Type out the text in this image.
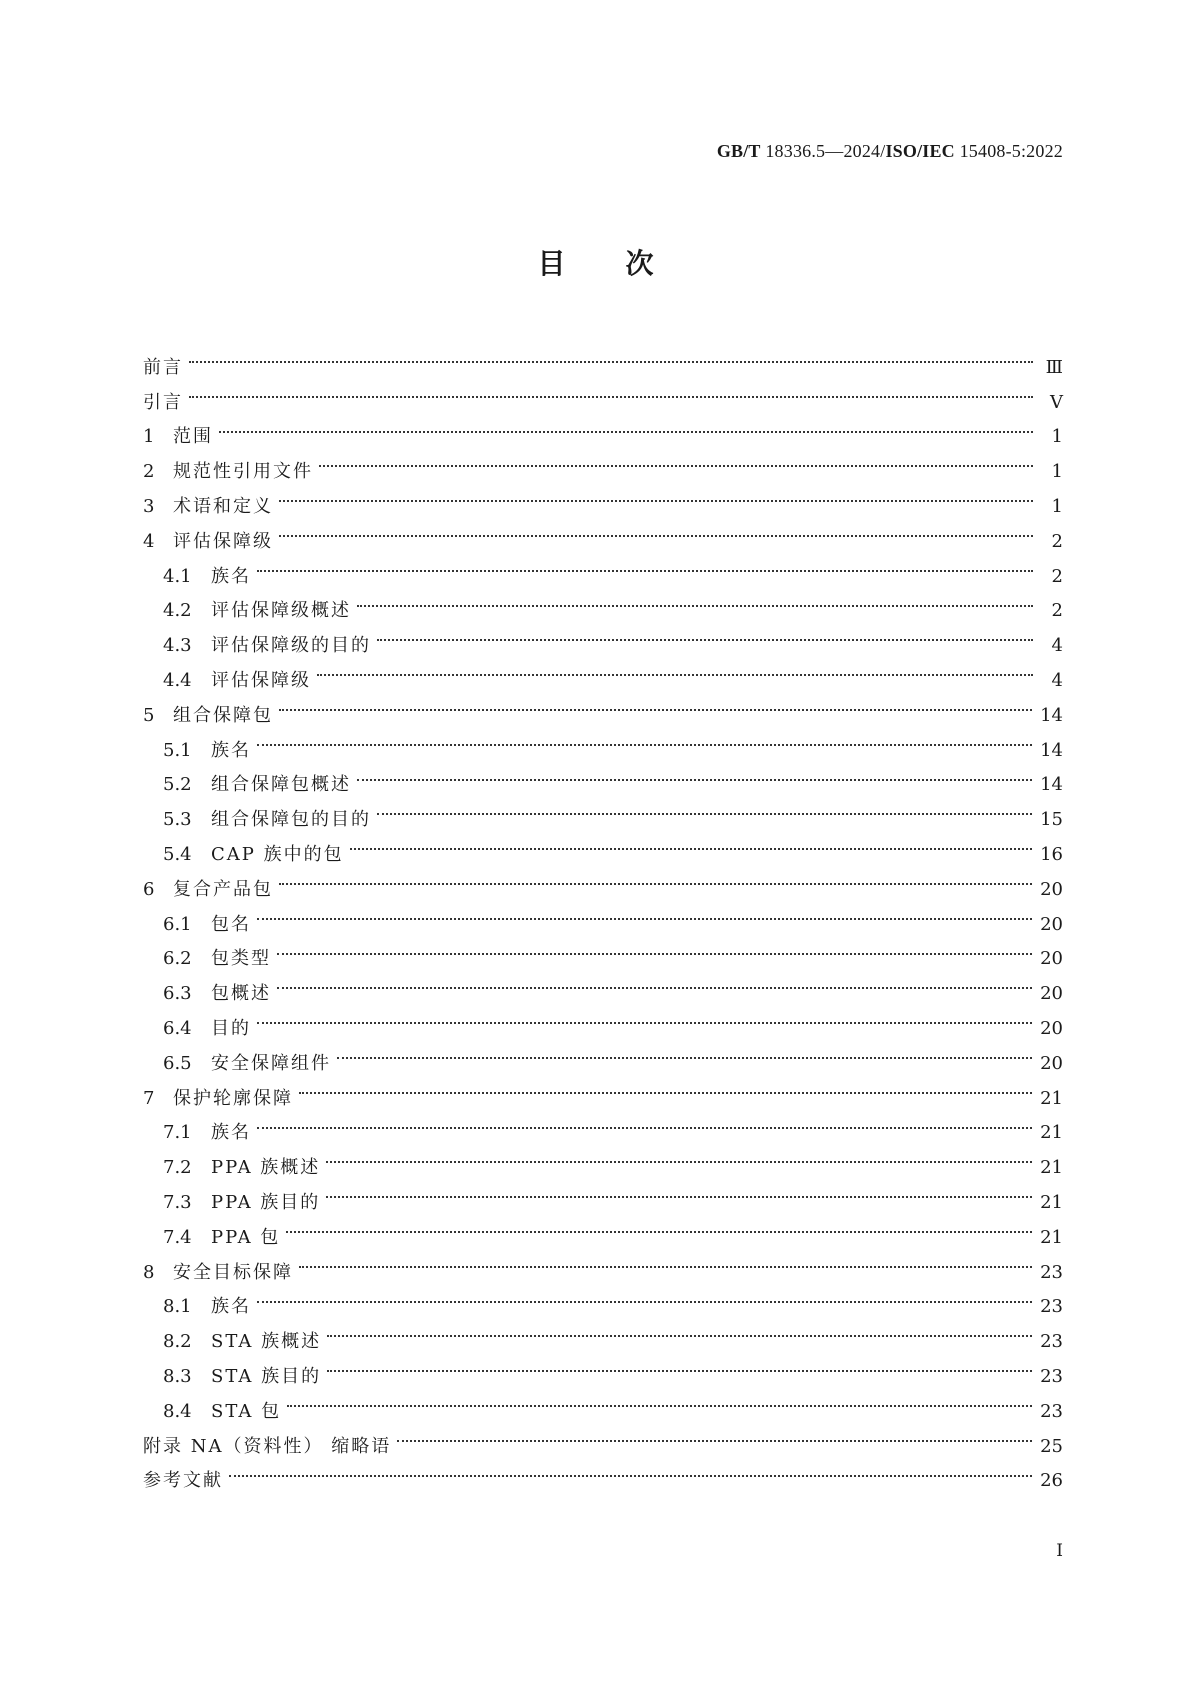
GB/T 18336.5—2024/ISO/IEC 15408-5:2022
目次
前言	Ⅲ
引言	Ⅴ
1	范围	1
2	规范性引用文件	1
3	术语和定义	1
4	评估保障级	2
4.1	族名	2
4.2	评估保障级概述	2
4.3	评估保障级的目的	4
4.4	评估保障级	4
5	组合保障包	14
5.1	族名	14
5.2	组合保障包概述	14
5.3	组合保障包的目的	15
5.4	CAP 族中的包	16
6	复合产品包	20
6.1	包名	20
6.2	包类型	20
6.3	包概述	20
6.4	目的	20
6.5	安全保障组件	20
7	保护轮廓保障	21
7.1	族名	21
7.2	PPA 族概述	21
7.3	PPA 族目的	21
7.4	PPA 包	21
8	安全目标保障	23
8.1	族名	23
8.2	STA 族概述	23
8.3	STA 族目的	23
8.4	STA 包	23
附录 NA（资料性） 缩略语	25
参考文献	26
Ⅰ
